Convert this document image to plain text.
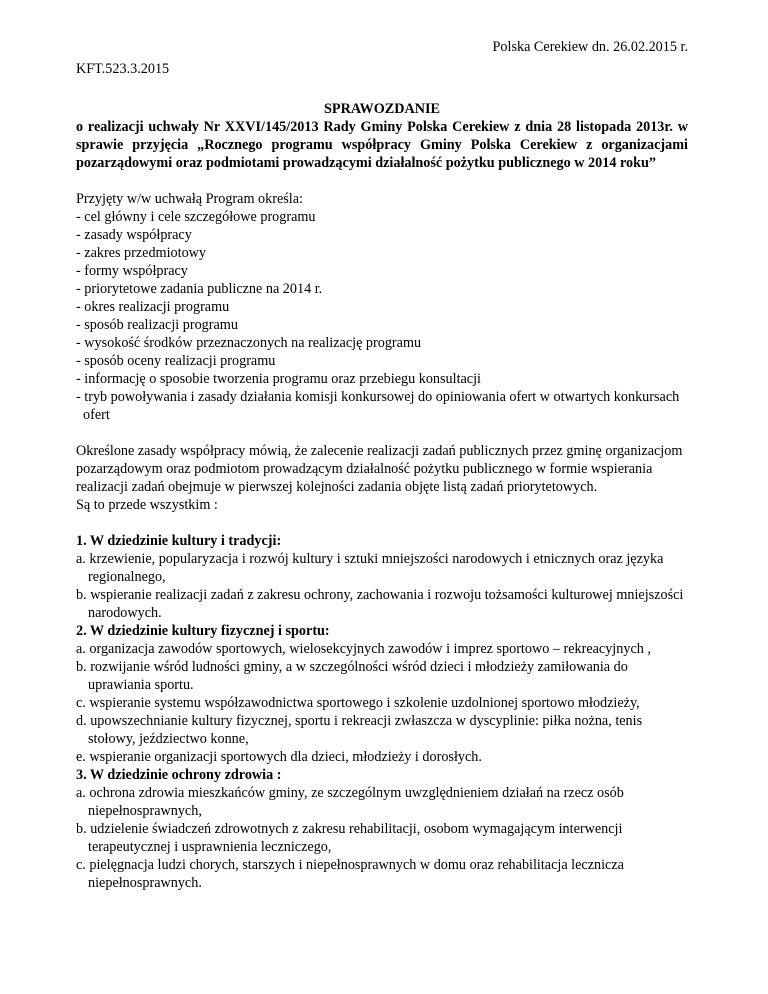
Polska Cerekiew dn. 26.02.2015 r.

KFT.523.3.2015

SPRAWOZDANIE

o realizacji uchwały Nr XXVI/145/2013 Rady Gminy Polska Cerekiew z dnia 28 listopada 2013r. w sprawie przyjęcia „Rocznego programu współpracy Gminy Polska Cerekiew z organizacjami pozarządowymi oraz podmiotami prowadzącymi działalność pożytku publicznego w 2014 roku”

Przyjęty w/w uchwałą Program określa:

- cel główny i cele szczegółowe programu
- zasady współpracy
- zakres przedmiotowy
- formy współpracy
- priorytetowe zadania publiczne na 2014 r.
- okres realizacji programu
- sposób realizacji programu
- wysokość środków przeznaczonych na realizację programu
- sposób oceny realizacji programu
- informację o sposobie tworzenia programu oraz przebiegu konsultacji
- tryb powoływania i zasady działania komisji konkursowej do opiniowania ofert w otwartych konkursach ofert
Określone zasady współpracy mówią, że zalecenie realizacji zadań publicznych przez gminę organizacjom pozarządowym oraz podmiotom prowadzącym działalność pożytku publicznego w formie wspierania realizacji zadań obejmuje w pierwszej kolejności zadania objęte listą zadań priorytetowych.
Są to przede wszystkim :

1. W dziedzinie kultury i tradycji:

a. krzewienie, popularyzacja i rozwój kultury i sztuki mniejszości narodowych i etnicznych oraz języka regionalnego,
b. wspieranie realizacji zadań z zakresu ochrony, zachowania i rozwoju tożsamości kulturowej mniejszości narodowych.

2. W dziedzinie kultury fizycznej i sportu:

a. organizacja zawodów sportowych, wielosekcyjnych zawodów i imprez sportowo – rekreacyjnych ,
b. rozwijanie wśród ludności gminy, a w szczególności wśród dzieci i młodzieży zamiłowania do uprawiania sportu.
c. wspieranie systemu współzawodnictwa sportowego i szkolenie uzdolnionej sportowo młodzieży,
d. upowszechnianie kultury fizycznej, sportu i rekreacji zwłaszcza w dyscyplinie: piłka nożna, tenis stołowy, jeździectwo konne,
e. wspieranie organizacji sportowych dla dzieci, młodzieży i dorosłych.

3. W dziedzinie ochrony zdrowia :

a. ochrona zdrowia mieszkańców gminy, ze szczególnym uwzględnieniem działań na rzecz osób niepełnosprawnych,
b. udzielenie świadczeń zdrowotnych z zakresu rehabilitacji, osobom wymagającym interwencji terapeutycznej i usprawnienia leczniczego,
c. pielęgnacja ludzi chorych, starszych i niepełnosprawnych w domu oraz rehabilitacja lecznicza niepełnosprawnych.
